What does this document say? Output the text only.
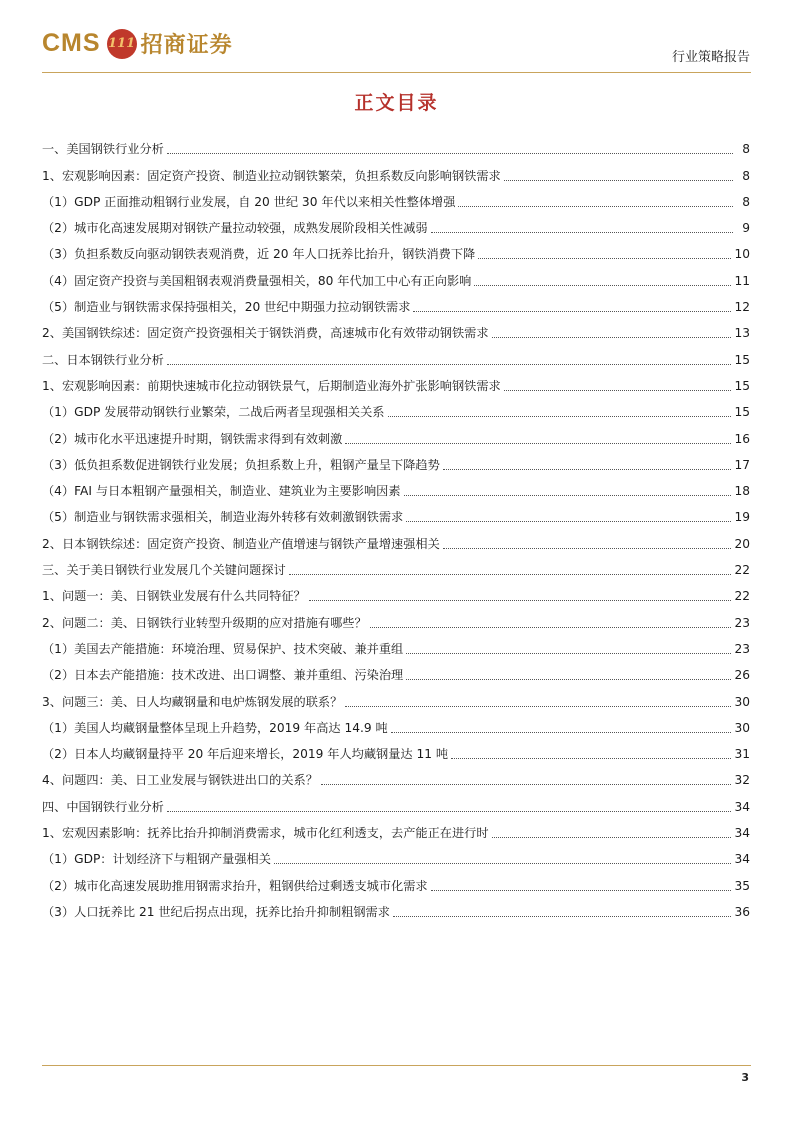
CMS 111 招商证券	行业策略报告
正文目录
一、美国钢铁行业分析	8
1、宏观影响因素：固定资产投资、制造业拉动钢铁繁荣，负担系数反向影响钢铁需求	8
（1）GDP 正面推动粗钢行业发展，自 20 世纪 30 年代以来相关性整体增强	8
（2）城市化高速发展期对钢铁产量拉动较强，成熟发展阶段相关性减弱	9
（3）负担系数反向驱动钢铁表观消费，近 20 年人口抚养比抬升，钢铁消费下降	10
（4）固定资产投资与美国粗钢表观消费量强相关，80 年代加工中心有正向影响	11
（5）制造业与钢铁需求保持强相关，20 世纪中期强力拉动钢铁需求	12
2、美国钢铁综述：固定资产投资强相关于钢铁消费，高速城市化有效带动钢铁需求	13
二、日本钢铁行业分析	15
1、宏观影响因素：前期快速城市化拉动钢铁景气，后期制造业海外扩张影响钢铁需求	15
（1）GDP 发展带动钢铁行业繁荣，二战后两者呈现强相关关系	15
（2）城市化水平迅速提升时期，钢铁需求得到有效刺激	16
（3）低负担系数促进钢铁行业发展；负担系数上升，粗钢产量呈下降趋势	17
（4）FAI 与日本粗钢产量强相关，制造业、建筑业为主要影响因素	18
（5）制造业与钢铁需求强相关，制造业海外转移有效刺激钢铁需求	19
2、日本钢铁综述：固定资产投资、制造业产值增速与钢铁产量增速强相关	20
三、关于美日钢铁行业发展几个关键问题探讨	22
1、问题一：美、日钢铁业发展有什么共同特征？	22
2、问题二：美、日钢铁行业转型升级期的应对措施有哪些？	23
（1）美国去产能措施：环境治理、贸易保护、技术突破、兼并重组	23
（2）日本去产能措施：技术改进、出口调整、兼并重组、污染治理	26
3、问题三：美、日人均藏钢量和电炉炼钢发展的联系？	30
（1）美国人均藏钢量整体呈现上升趋势，2019 年高达 14.9 吨	30
（2）日本人均藏钢量持平 20 年后迎来增长，2019 年人均藏钢量达 11 吨	31
4、问题四：美、日工业发展与钢铁进出口的关系？	32
四、中国钢铁行业分析	34
1、宏观因素影响：抚养比抬升抑制消费需求，城市化红利透支，去产能正在进行时	34
（1）GDP：计划经济下与粗钢产量强相关	34
（2）城市化高速发展助推用钢需求抬升，粗钢供给过剩透支城市化需求	35
（3）人口抚养比 21 世纪后拐点出现，抚养比抬升抑制粗钢需求	36
3
